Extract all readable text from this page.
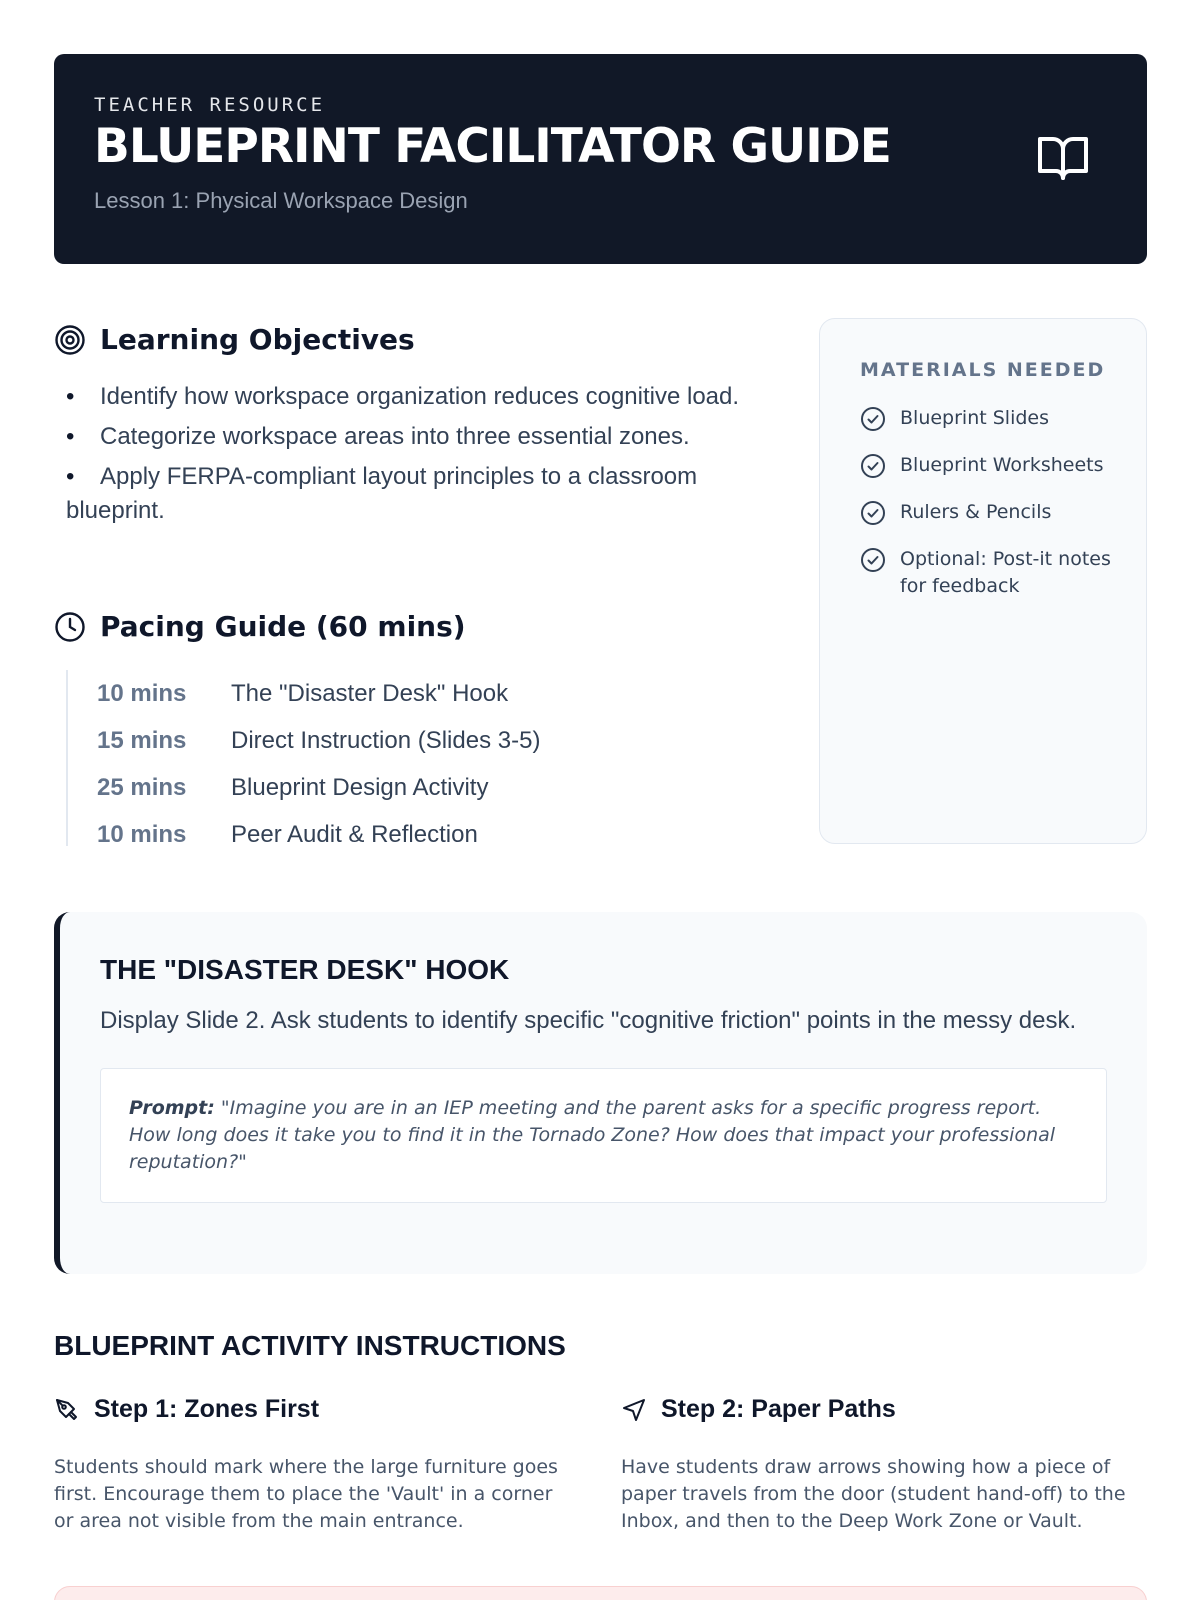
TEACHER RESOURCE
BLUEPRINT FACILITATOR GUIDE
Lesson 1: Physical Workspace Design
Learning Objectives
• Identify how workspace organization reduces cognitive load.
• Categorize workspace areas into three essential zones.
• Apply FERPA-compliant layout principles to a classroom blueprint.
Pacing Guide (60 mins)
10 mins	The "Disaster Desk" Hook
15 mins	Direct Instruction (Slides 3-5)
25 mins	Blueprint Design Activity
10 mins	Peer Audit & Reflection
MATERIALS NEEDED
Blueprint Slides
Blueprint Worksheets
Rulers & Pencils
Optional: Post-it notes for feedback
THE "DISASTER DESK" HOOK
Display Slide 2. Ask students to identify specific "cognitive friction" points in the messy desk.
Prompt: "Imagine you are in an IEP meeting and the parent asks for a specific progress report. How long does it take you to find it in the Tornado Zone? How does that impact your professional reputation?"
BLUEPRINT ACTIVITY INSTRUCTIONS
Step 1: Zones First
Students should mark where the large furniture goes first. Encourage them to place the 'Vault' in a corner or area not visible from the main entrance.
Step 2: Paper Paths
Have students draw arrows showing how a piece of paper travels from the door (student hand-off) to the Inbox, and then to the Deep Work Zone or Vault.
